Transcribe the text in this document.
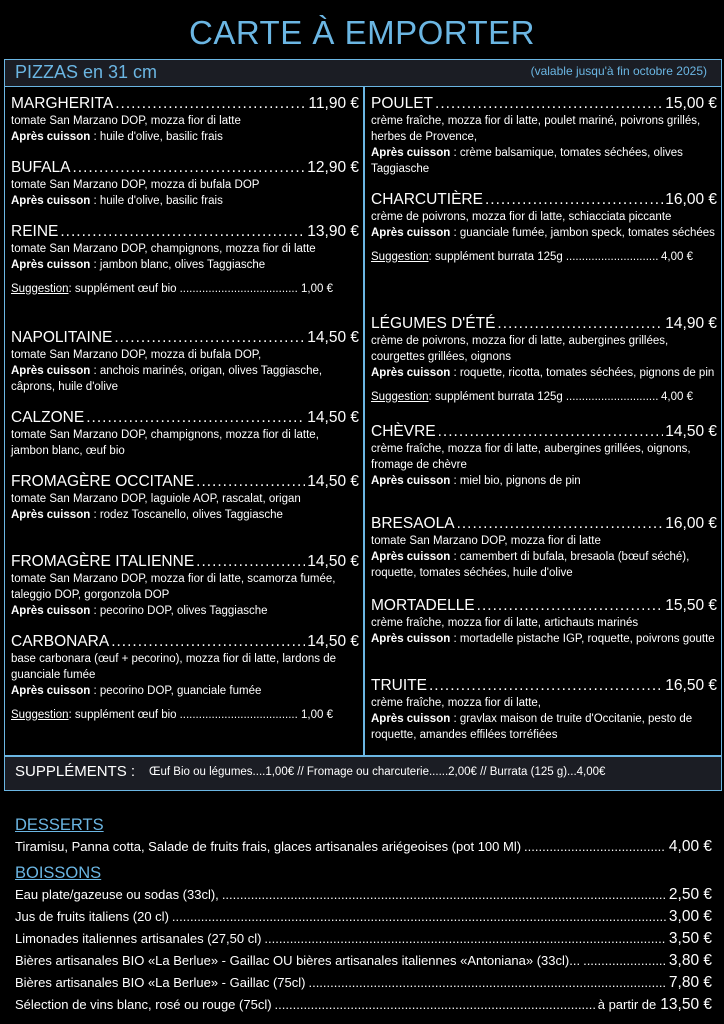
CARTE À EMPORTER
PIZZAS en 31 cm	(valable jusqu'à fin octobre 2025)
MARGHERITA .....	11,90 €
tomate San Marzano DOP, mozza fior di latte
Après cuisson : huile d'olive, basilic frais
BUFALA .....	12,90 €
tomate San Marzano DOP, mozza di bufala DOP
Après cuisson : huile d'olive, basilic frais
REINE .....	13,90 €
tomate San Marzano DOP, champignons, mozza fior di latte
Après cuisson : jambon blanc, olives Taggiasche
Suggestion : supplément œuf bio .....	1,00 €
NAPOLITAINE .....	14,50 €
tomate San Marzano DOP, mozza di bufala DOP,
Après cuisson : anchois marinés, origan, olives Taggiasche, câprons, huile d'olive
CALZONE .....	14,50 €
tomate San Marzano DOP, champignons, mozza fior di latte, jambon blanc, œuf bio
FROMAGÈRE OCCITANE .....	14,50 €
tomate San Marzano DOP, laguiole AOP, rascalat, origan
Après cuisson : rodez Toscanello, olives Taggiasche
FROMAGÈRE ITALIENNE .....	14,50 €
tomate San Marzano DOP, mozza fior di latte, scamorza fumée, taleggio DOP, gorgonzola DOP
Après cuisson : pecorino DOP, olives Taggiasche
CARBONARA .....	14,50 €
base carbonara (œuf + pecorino), mozza fior di latte, lardons de guanciale fumée
Après cuisson : pecorino DOP, guanciale fumée
Suggestion : supplément œuf bio .....	1,00 €
POULET .....	15,00 €
crème fraîche, mozza fior di latte, poulet mariné, poivrons grillés, herbes de Provence,
Après cuisson : crème balsamique, tomates séchées, olives Taggiasche
CHARCUTIÈRE .....	16,00 €
crème de poivrons, mozza fior di latte, schiacciata piccante
Après cuisson : guanciale fumée, jambon speck, tomates séchées
Suggestion : supplément burrata 125g .....	4,00 €
LÉGUMES D'ÉTÉ .....	14,90 €
crème de poivrons, mozza fior di latte, aubergines grillées, courgettes grillées, oignons
Après cuisson : roquette, ricotta, tomates séchées, pignons de pin
Suggestion : supplément burrata 125g .....	4,00 €
CHÈVRE .....	14,50 €
crème fraîche, mozza fior di latte, aubergines grillées, oignons, fromage de chèvre
Après cuisson : miel bio, pignons de pin
BRESAOLA .....	16,00 €
tomate San Marzano DOP, mozza fior di latte
Après cuisson : camembert di bufala, bresaola (bœuf séché), roquette, tomates séchées, huile d'olive
MORTADELLE .....	15,50 €
crème fraîche, mozza fior di latte, artichauts marinés
Après cuisson : mortadelle pistache IGP, roquette, poivrons goutte
TRUITE .....	16,50 €
crème fraîche, mozza fior di latte,
Après cuisson : gravlax maison de truite d'Occitanie, pesto de roquette, amandes effilées torréfiées
SUPPLÉMENTS : Œuf Bio ou légumes....1,00€ // Fromage ou charcuterie......2,00€ // Burrata (125 g)...4,00€
DESSERTS
Tiramisu, Panna cotta, Salade de fruits frais, glaces artisanales ariégeoises (pot 100 Ml) .....	4,00 €
BOISSONS
Eau plate/gazeuse ou sodas (33cl), .....	2,50 €
Jus de fruits italiens (20 cl) .....	3,00 €
Limonades italiennes artisanales (27,50 cl) .....	3,50 €
Bières artisanales BIO «La Berlue» - Gaillac OU bières artisanales italiennes «Antoniana» (33cl)... .....	3,80 €
Bières artisanales BIO «La Berlue» - Gaillac (75cl) .....	7,80 €
Sélection de vins blanc, rosé ou rouge (75cl) .....	à partir de 13,50 €
